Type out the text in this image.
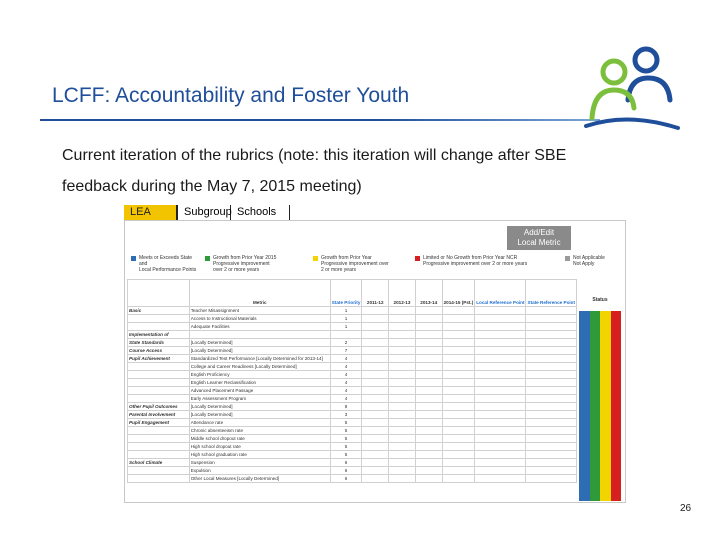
LCFF: Accountability and Foster Youth
Current iteration of the rubrics (note: this iteration will change after SBE
feedback during the May 7, 2015 meeting)
LEA	Subgroup Schools
Add/Edit
Local Metric
Meets or Exceeds State and
Local Performance Points
Growth from Prior Year 2015
Progressive improvement
over 2 or more years
Growth from Prior Year
Progressive improvement over
2 or more years
Limited or No Growth from Prior Year NCR
Progressive improvement over 2 or more years
Not Applicable
Not Apply
	Metric	State Priority	2011-12	2012-13	2013-14	2014-15 (Pst.)	Local Reference Point	State Reference Point
Basic	Teacher Misassignment	1						
	Access to Instructional Materials	1						
	Adequate Facilities	1						
Implementation of								
State Standards	[Locally Determined]	2						
Course Access	[Locally Determined]	7						
Pupil Achievement	Standardized Test Performance [Locally Determined for 2013-14]	4						
	College and Career Readiness [Locally Determined]	4						
	English Proficiency	4						
	English Learner Reclassification	4						
	Advanced Placement Passage	4						
	Early Assessment Program	4						
Other Pupil Outcomes	[Locally Determined]	8						
Parental Involvement	[Locally Determined]	3						
Pupil Engagement	Attendance rate	5						
	Chronic absenteeism rate	5						
	Middle school dropout rate	5						
	High school dropout rate	5						
	High school graduation rate	5						
School Climate	Suspension	6						
	Expulsion	6						
	Other Local Measures [Locally Determined]	6						
Status
26
